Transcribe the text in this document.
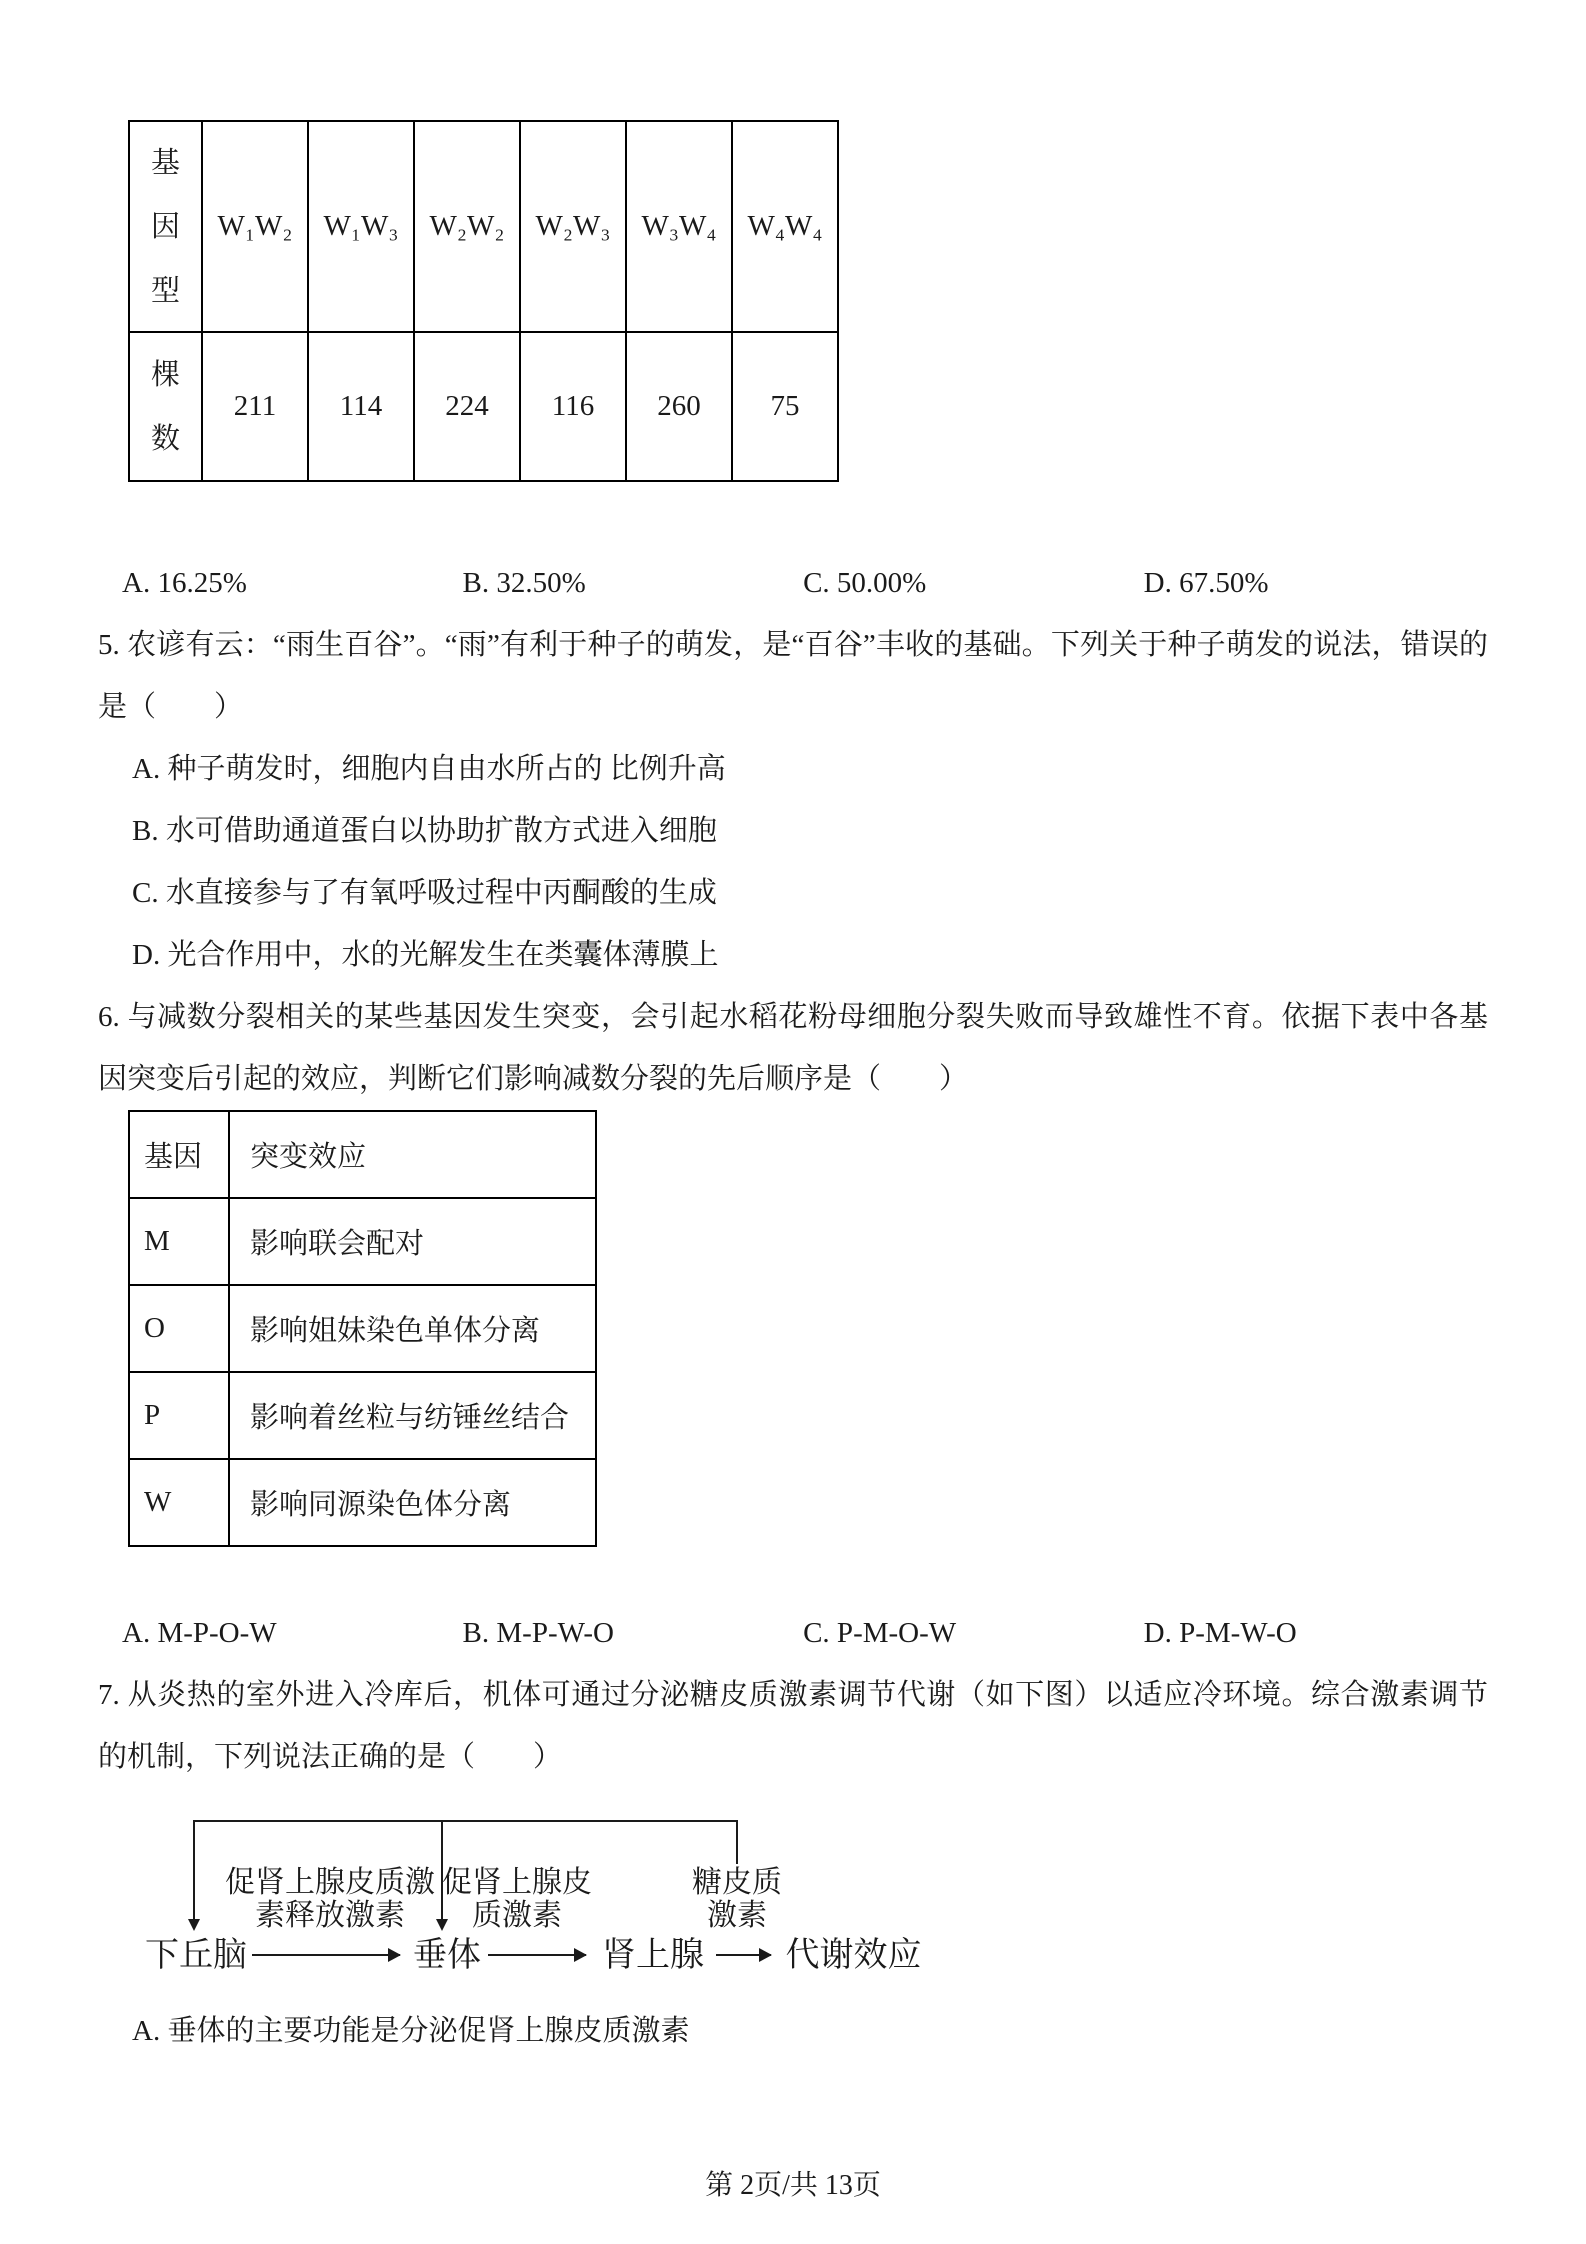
基因型	W₁W₂	W₁W₃	W₂W₂	W₂W₃	W₃W₄	W₄W₄
棵数	211	114	224	116	260	75
A. 16.25%	B. 32.50%	C. 50.00%	D. 67.50%

5. 农谚有云：“雨生百谷”。“雨”有利于种子的萌发，是“百谷”丰收的基础。下列关于种子萌发的说法，错误的是（　　）

A. 种子萌发时，细胞内自由水所占的 比例升高
B. 水可借助通道蛋白以协助扩散方式进入细胞
C. 水直接参与了有氧呼吸过程中丙酮酸的生成
D. 光合作用中，水的光解发生在类囊体薄膜上

6. 与减数分裂相关的某些基因发生突变，会引起水稻花粉母细胞分裂失败而导致雄性不育。依据下表中各基因突变后引起的效应，判断它们影响减数分裂的先后顺序是（　　）

基因	突变效应
M	影响联会配对
O	影响姐妹染色单体分离
P	影响着丝粒与纺锤丝结合
W	影响同源染色体分离
A. M-P-O-W	B. M-P-W-O	C. P-M-O-W	D. P-M-W-O

7. 从炎热的室外进入冷库后，机体可通过分泌糖皮质激素调节代谢（如下图）以适应冷环境。综合激素调节的机制，下列说法正确的是（　　）

促肾上腺皮质激
素释放激素
促肾上腺皮
质激素
糖皮质
激素
下丘脑	垂体	肾上腺 代谢效应
A. 垂体的主要功能是分泌促肾上腺皮质激素
第 2页/共 13页
